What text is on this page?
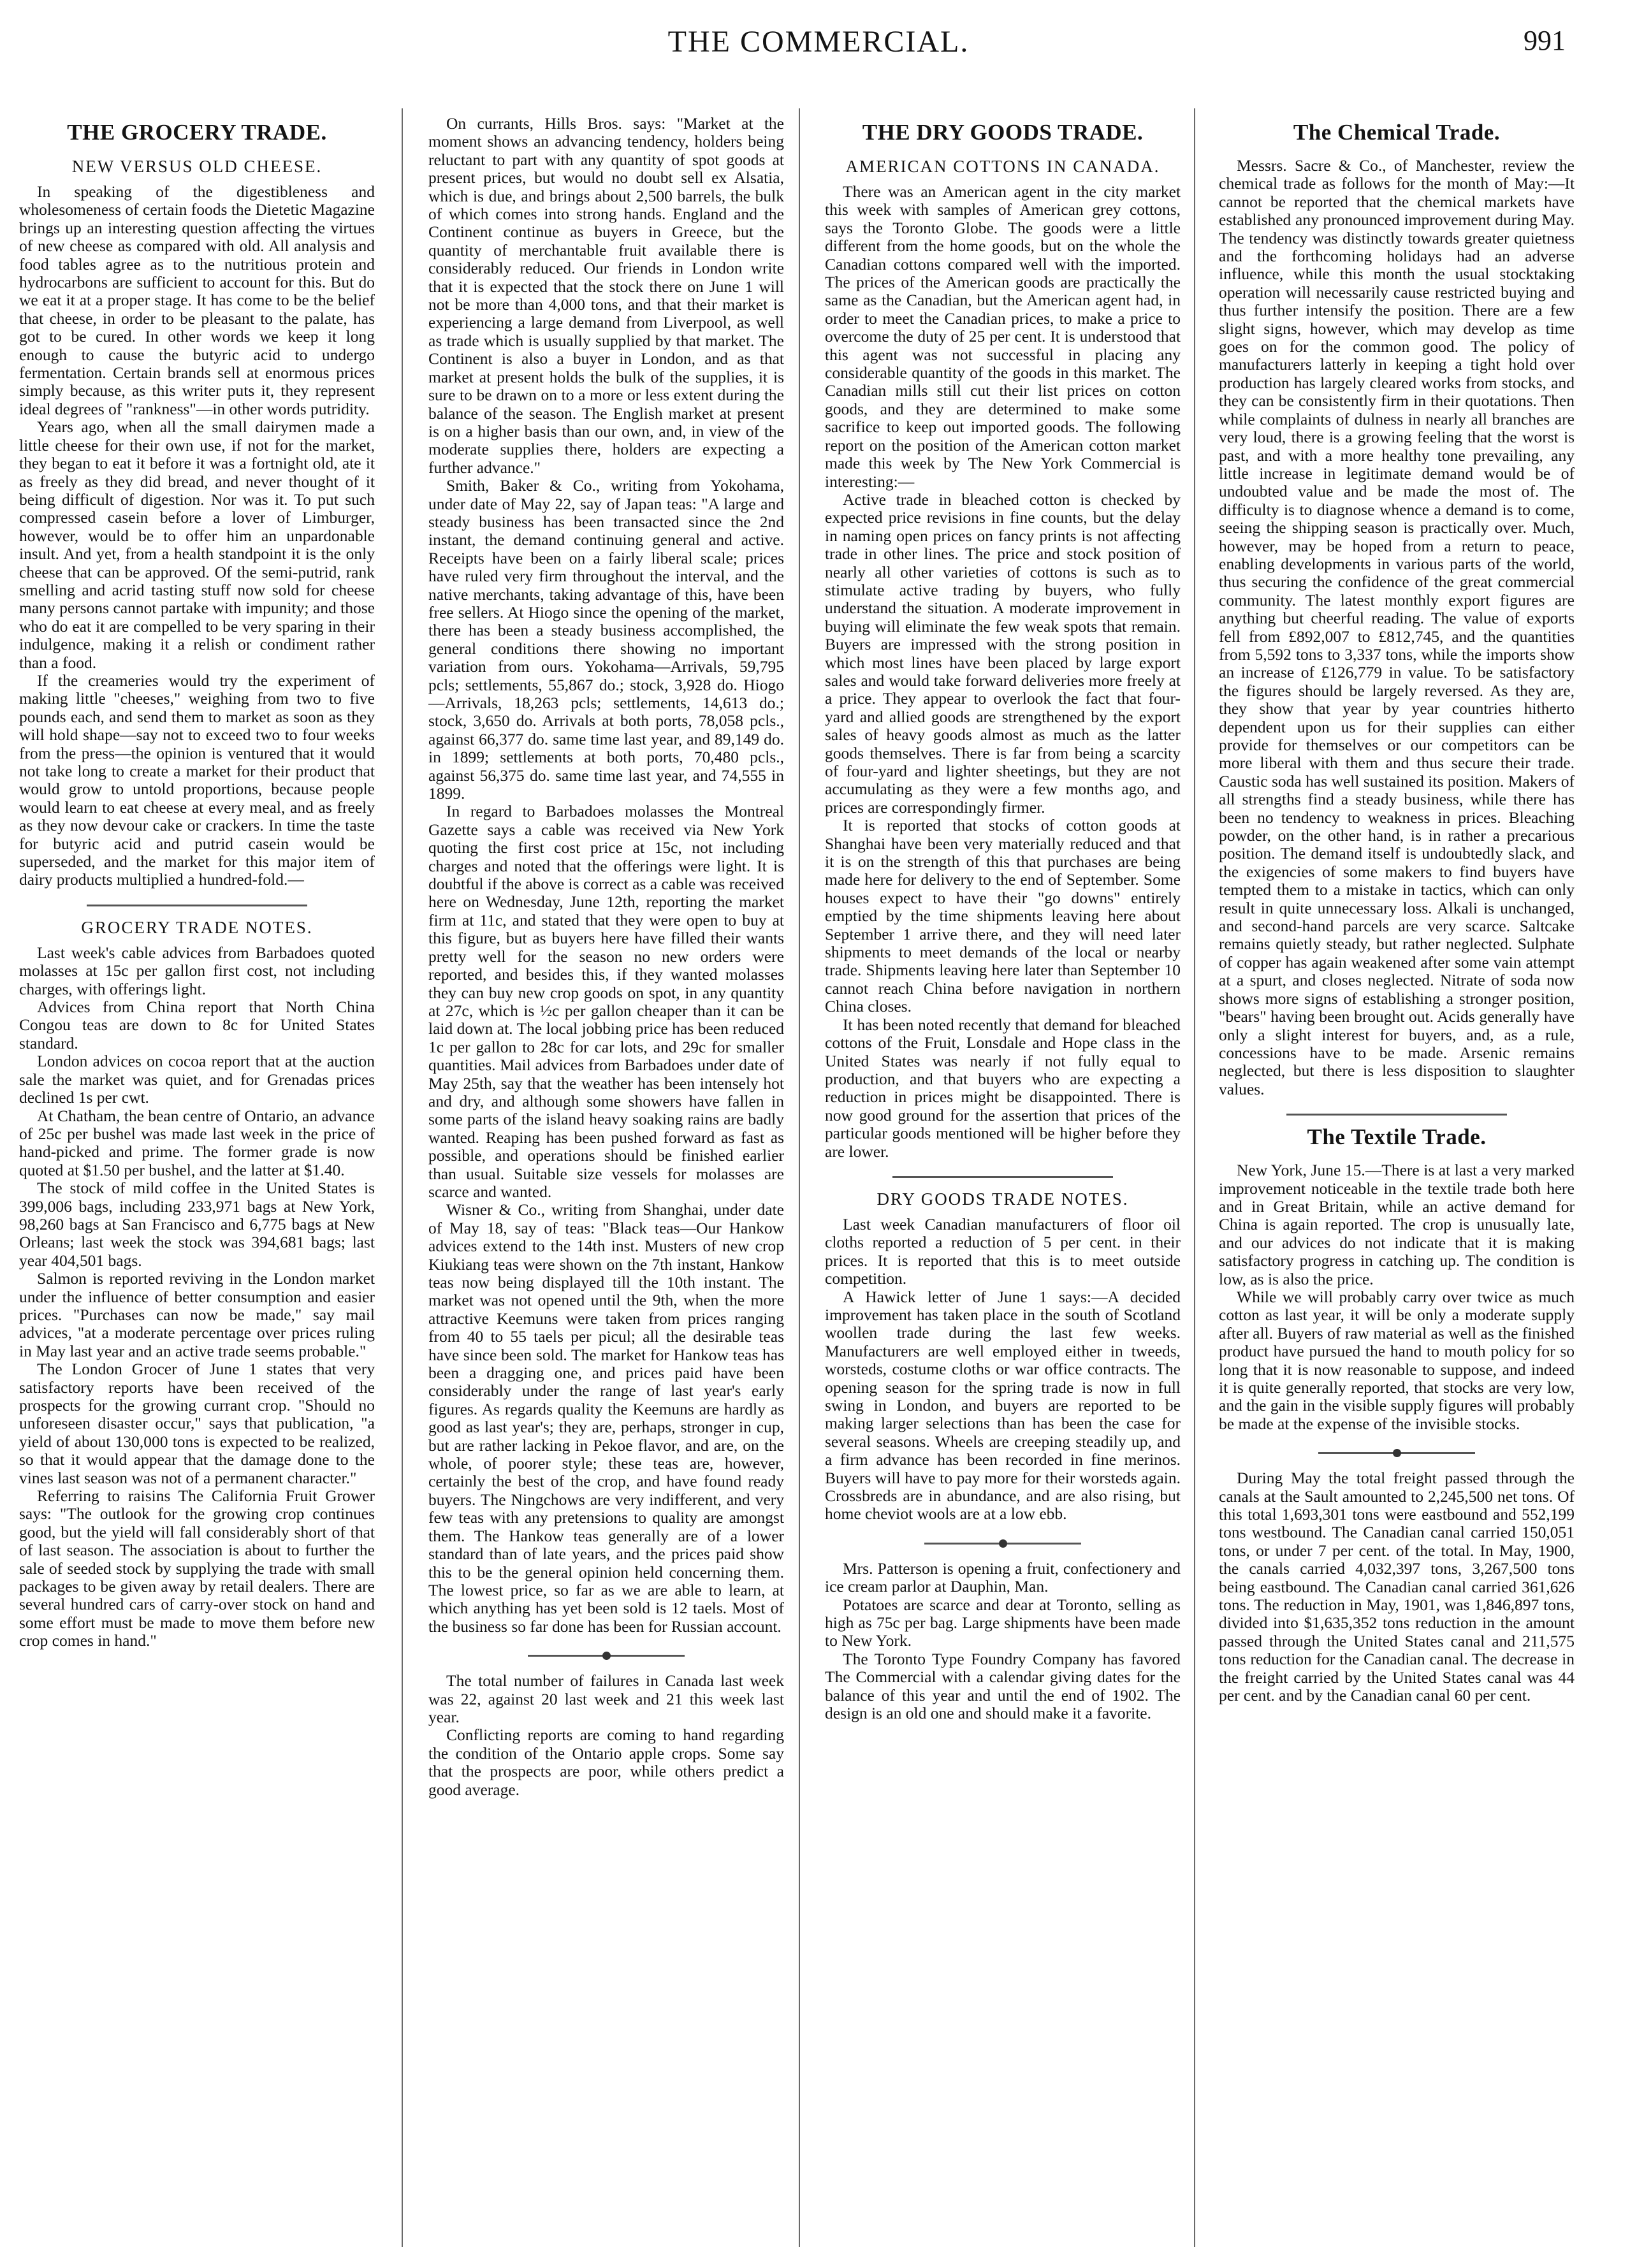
THE COMMERCIAL.	991
THE GROCERY TRADE.
NEW VERSUS OLD CHEESE.

In speaking of the digestibleness and wholesomeness of certain foods the Dietetic Magazine brings up an interesting question affecting the virtues of new cheese as compared with old. All analysis and food tables agree as to the nutritious protein and hydrocarbons are sufficient to account for this. But do we eat it at a proper stage. It has come to be the belief that cheese, in order to be pleasant to the palate, has got to be cured. In other words we keep it long enough to cause the butyric acid to undergo fermentation. Certain brands sell at enormous prices simply because, as this writer puts it, they represent ideal degrees of "rankness"—in other words putridity.

Years ago, when all the small dairymen made a little cheese for their own use, if not for the market, they began to eat it before it was a fortnight old, ate it as freely as they did bread, and never thought of it being difficult of digestion. Nor was it. To put such compressed casein before a lover of Limburger, however, would be to offer him an unpardonable insult. And yet, from a health standpoint it is the only cheese that can be approved. Of the semi-putrid, rank smelling and acrid tasting stuff now sold for cheese many persons cannot partake with impunity; and those who do eat it are compelled to be very sparing in their indulgence, making it a relish or condiment rather than a food.

If the creameries would try the experiment of making little "cheeses," weighing from two to five pounds each, and send them to market as soon as they will hold shape—say not to exceed two to four weeks from the press—the opinion is ventured that it would not take long to create a market for their product that would grow to untold proportions, because people would learn to eat cheese at every meal, and as freely as they now devour cake or crackers. In time the taste for butyric acid and putrid casein would be superseded, and the market for this major item of dairy products multiplied a hundred-fold.—

GROCERY TRADE NOTES.

Last week's cable advices from Barbadoes quoted molasses at 15c per gallon first cost, not including charges, with offerings light.

Advices from China report that North China Congou teas are down to 8c for United States standard.

London advices on cocoa report that at the auction sale the market was quiet, and for Grenadas prices declined 1s per cwt.

At Chatham, the bean centre of Ontario, an advance of 25c per bushel was made last week in the price of hand-picked and prime. The former grade is now quoted at $1.50 per bushel, and the latter at $1.40.

The stock of mild coffee in the United States is 399,006 bags, including 233,971 bags at New York, 98,260 bags at San Francisco and 6,775 bags at New Orleans; last week the stock was 394,681 bags; last year 404,501 bags.

Salmon is reported reviving in the London market under the influence of better consumption and easier prices. "Purchases can now be made," say mail advices, "at a moderate percentage over prices ruling in May last year and an active trade seems probable."

The London Grocer of June 1 states that very satisfactory reports have been received of the prospects for the growing currant crop. "Should no unforeseen disaster occur," says that publication, "a yield of about 130,000 tons is expected to be realized, so that it would appear that the damage done to the vines last season was not of a permanent character."

Referring to raisins The California Fruit Grower says: "The outlook for the growing crop continues good, but the yield will fall considerably short of that of last season. The association is about to further the sale of seeded stock by supplying the trade with small packages to be given away by retail dealers. There are several hundred cars of carry-over stock on hand and some effort must be made to move them before new crop comes in hand."

On currants, Hills Bros. says: "Market at the moment shows an advancing tendency, holders being reluctant to part with any quantity of spot goods at present prices, but would no doubt sell ex Alsatia, which is due, and brings about 2,500 barrels, the bulk of which comes into strong hands. England and the Continent continue as buyers in Greece, but the quantity of merchantable fruit available there is considerably reduced. Our friends in London write that it is expected that the stock there on June 1 will not be more than 4,000 tons, and that their market is experiencing a large demand from Liverpool, as well as trade which is usually supplied by that market. The Continent is also a buyer in London, and as that market at present holds the bulk of the supplies, it is sure to be drawn on to a more or less extent during the balance of the season. The English market at present is on a higher basis than our own, and, in view of the moderate supplies there, holders are expecting a further advance."

Smith, Baker & Co., writing from Yokohama, under date of May 22, say of Japan teas: "A large and steady business has been transacted since the 2nd instant, the demand continuing general and active. Receipts have been on a fairly liberal scale; prices have ruled very firm throughout the interval, and the native merchants, taking advantage of this, have been free sellers. At Hiogo since the opening of the market, there has been a steady business accomplished, the general conditions there showing no important variation from ours. Yokohama—Arrivals, 59,795 pcls; settlements, 55,867 do.; stock, 3,928 do. Hiogo—Arrivals, 18,263 pcls; settlements, 14,613 do.; stock, 3,650 do. Arrivals at both ports, 78,058 pcls., against 66,377 do. same time last year, and 89,149 do. in 1899; settlements at both ports, 70,480 pcls., against 56,375 do. same time last year, and 74,555 in 1899.

In regard to Barbadoes molasses the Montreal Gazette says a cable was received via New York quoting the first cost price at 15c, not including charges and noted that the offerings were light. It is doubtful if the above is correct as a cable was received here on Wednesday, June 12th, reporting the market firm at 11c, and stated that they were open to buy at this figure, but as buyers here have filled their wants pretty well for the season no new orders were reported, and besides this, if they wanted molasses they can buy new crop goods on spot, in any quantity at 27c, which is ½c per gallon cheaper than it can be laid down at. The local jobbing price has been reduced 1c per gallon to 28c for car lots, and 29c for smaller quantities. Mail advices from Barbadoes under date of May 25th, say that the weather has been intensely hot and dry, and although some showers have fallen in some parts of the island heavy soaking rains are badly wanted. Reaping has been pushed forward as fast as possible, and operations should be finished earlier than usual. Suitable size vessels for molasses are scarce and wanted.

Wisner & Co., writing from Shanghai, under date of May 18, say of teas: "Black teas—Our Hankow advices extend to the 14th inst. Musters of new crop Kiukiang teas were shown on the 7th instant, Hankow teas now being displayed till the 10th instant. The market was not opened until the 9th, when the more attractive Keemuns were taken from prices ranging from 40 to 55 taels per picul; all the desirable teas have since been sold. The market for Hankow teas has been a dragging one, and prices paid have been considerably under the range of last year's early figures. As regards quality the Keemuns are hardly as good as last year's; they are, perhaps, stronger in cup, but are rather lacking in Pekoe flavor, and are, on the whole, of poorer style; these teas are, however, certainly the best of the crop, and have found ready buyers. The Ningchows are very indifferent, and very few teas with any pretensions to quality are amongst them. The Hankow teas generally are of a lower standard than of late years, and the prices paid show this to be the general opinion held concerning them. The lowest price, so far as we are able to learn, at which anything has yet been sold is 12 taels. Most of the business so far done has been for Russian account.

The total number of failures in Canada last week was 22, against 20 last week and 21 this week last year.

Conflicting reports are coming to hand regarding the condition of the Ontario apple crops. Some say that the prospects are poor, while others predict a good average.

THE DRY GOODS TRADE.
AMERICAN COTTONS IN CANADA.

There was an American agent in the city market this week with samples of American grey cottons, says the Toronto Globe. The goods were a little different from the home goods, but on the whole the Canadian cottons compared well with the imported. The prices of the American goods are practically the same as the Canadian, but the American agent had, in order to meet the Canadian prices, to make a price to overcome the duty of 25 per cent. It is understood that this agent was not successful in placing any considerable quantity of the goods in this market. The Canadian mills still cut their list prices on cotton goods, and they are determined to make some sacrifice to keep out imported goods. The following report on the position of the American cotton market made this week by The New York Commercial is interesting:—

Active trade in bleached cotton is checked by expected price revisions in fine counts, but the delay in naming open prices on fancy prints is not affecting trade in other lines. The price and stock position of nearly all other varieties of cottons is such as to stimulate active trading by buyers, who fully understand the situation. A moderate improvement in buying will eliminate the few weak spots that remain. Buyers are impressed with the strong position in which most lines have been placed by large export sales and would take forward deliveries more freely at a price. They appear to overlook the fact that four-yard and allied goods are strengthened by the export sales of heavy goods almost as much as the latter goods themselves. There is far from being a scarcity of four-yard and lighter sheetings, but they are not accumulating as they were a few months ago, and prices are correspondingly firmer.

It is reported that stocks of cotton goods at Shanghai have been very materially reduced and that it is on the strength of this that purchases are being made here for delivery to the end of September. Some houses expect to have their "go downs" entirely emptied by the time shipments leaving here about September 1 arrive there, and they will need later shipments to meet demands of the local or nearby trade. Shipments leaving here later than September 10 cannot reach China before navigation in northern China closes.

It has been noted recently that demand for bleached cottons of the Fruit, Lonsdale and Hope class in the United States was nearly if not fully equal to production, and that buyers who are expecting a reduction in prices might be disappointed. There is now good ground for the assertion that prices of the particular goods mentioned will be higher before they are lower.

DRY GOODS TRADE NOTES.

Last week Canadian manufacturers of floor oil cloths reported a reduction of 5 per cent. in their prices. It is reported that this is to meet outside competition.

A Hawick letter of June 1 says:—A decided improvement has taken place in the south of Scotland woollen trade during the last few weeks. Manufacturers are well employed either in tweeds, worsteds, costume cloths or war office contracts. The opening season for the spring trade is now in full swing in London, and buyers are reported to be making larger selections than has been the case for several seasons. Wheels are creeping steadily up, and a firm advance has been recorded in fine merinos. Buyers will have to pay more for their worsteds again. Crossbreds are in abundance, and are also rising, but home cheviot wools are at a low ebb.

Mrs. Patterson is opening a fruit, confectionery and ice cream parlor at Dauphin, Man.

Potatoes are scarce and dear at Toronto, selling as high as 75c per bag. Large shipments have been made to New York.

The Toronto Type Foundry Company has favored The Commercial with a calendar giving dates for the balance of this year and until the end of 1902. The design is an old one and should make it a favorite.

The Chemical Trade.

Messrs. Sacre & Co., of Manchester, review the chemical trade as follows for the month of May:—It cannot be reported that the chemical markets have established any pronounced improvement during May. The tendency was distinctly towards greater quietness and the forthcoming holidays had an adverse influence, while this month the usual stocktaking operation will necessarily cause restricted buying and thus further intensify the position. There are a few slight signs, however, which may develop as time goes on for the common good. The policy of manufacturers latterly in keeping a tight hold over production has largely cleared works from stocks, and they can be consistently firm in their quotations. Then while complaints of dulness in nearly all branches are very loud, there is a growing feeling that the worst is past, and with a more healthy tone prevailing, any little increase in legitimate demand would be of undoubted value and be made the most of. The difficulty is to diagnose whence a demand is to come, seeing the shipping season is practically over. Much, however, may be hoped from a return to peace, enabling developments in various parts of the world, thus securing the confidence of the great commercial community. The latest monthly export figures are anything but cheerful reading. The value of exports fell from £892,007 to £812,745, and the quantities from 5,592 tons to 3,337 tons, while the imports show an increase of £126,779 in value. To be satisfactory the figures should be largely reversed. As they are, they show that year by year countries hitherto dependent upon us for their supplies can either provide for themselves or our competitors can be more liberal with them and thus secure their trade. Caustic soda has well sustained its position. Makers of all strengths find a steady business, while there has been no tendency to weakness in prices. Bleaching powder, on the other hand, is in rather a precarious position. The demand itself is undoubtedly slack, and the exigencies of some makers to find buyers have tempted them to a mistake in tactics, which can only result in quite unnecessary loss. Alkali is unchanged, and second-hand parcels are very scarce. Saltcake remains quietly steady, but rather neglected. Sulphate of copper has again weakened after some vain attempt at a spurt, and closes neglected. Nitrate of soda now shows more signs of establishing a stronger position, "bears" having been brought out. Acids generally have only a slight interest for buyers, and, as a rule, concessions have to be made. Arsenic remains neglected, but there is less disposition to slaughter values.

The Textile Trade.

New York, June 15.—There is at last a very marked improvement noticeable in the textile trade both here and in Great Britain, while an active demand for China is again reported. The crop is unusually late, and our advices do not indicate that it is making satisfactory progress in catching up. The condition is low, as is also the price.

While we will probably carry over twice as much cotton as last year, it will be only a moderate supply after all. Buyers of raw material as well as the finished product have pursued the hand to mouth policy for so long that it is now reasonable to suppose, and indeed it is quite generally reported, that stocks are very low, and the gain in the visible supply figures will probably be made at the expense of the invisible stocks.

During May the total freight passed through the canals at the Sault amounted to 2,245,500 net tons. Of this total 1,693,301 tons were eastbound and 552,199 tons westbound. The Canadian canal carried 150,051 tons, or under 7 per cent. of the total. In May, 1900, the canals carried 4,032,397 tons, 3,267,500 tons being eastbound. The Canadian canal carried 361,626 tons. The reduction in May, 1901, was 1,846,897 tons, divided into $1,635,352 tons reduction in the amount passed through the United States canal and 211,575 tons reduction for the Canadian canal. The decrease in the freight carried by the United States canal was 44 per cent. and by the Canadian canal 60 per cent.
